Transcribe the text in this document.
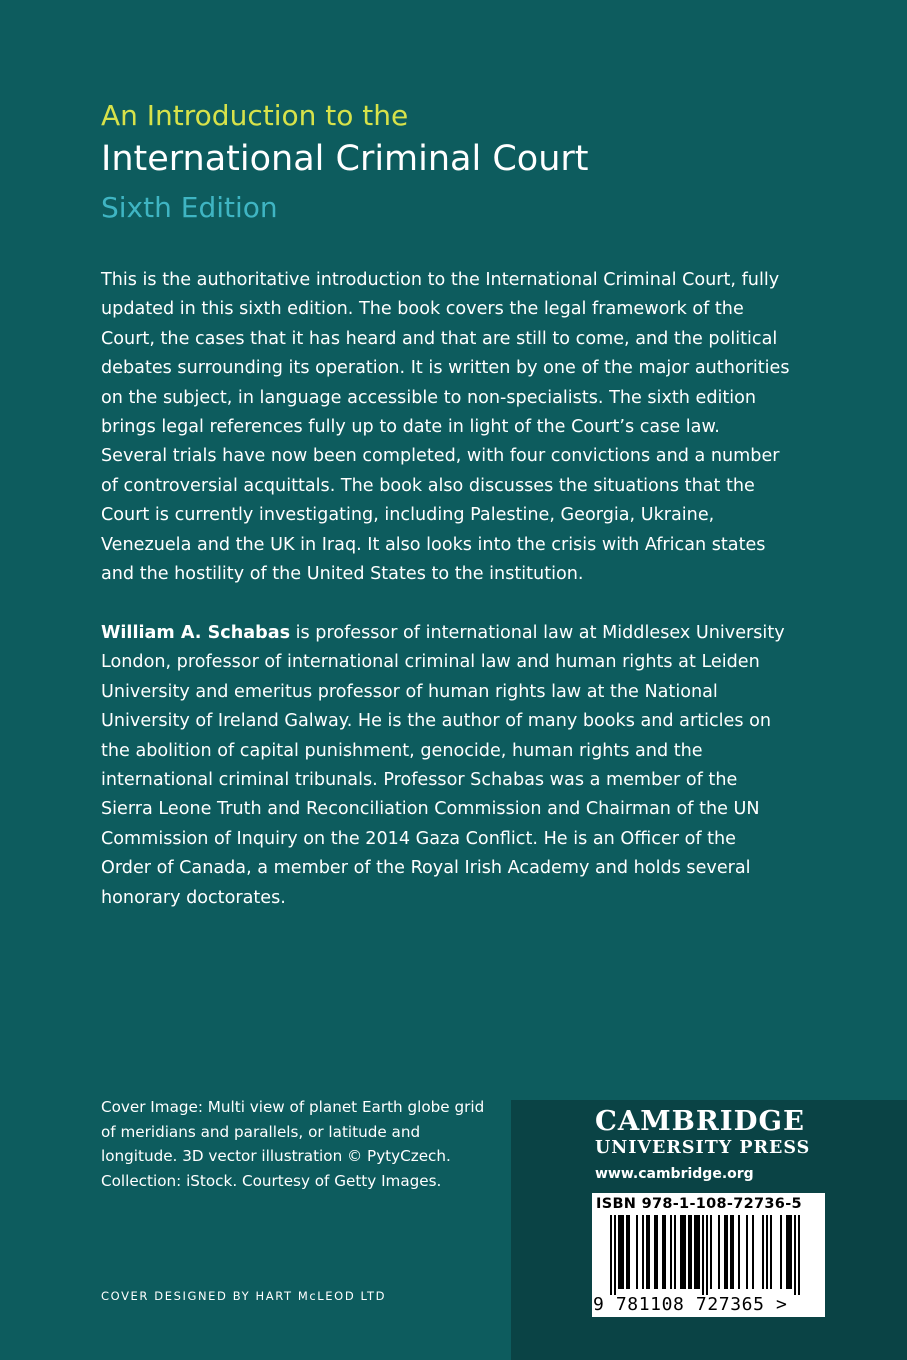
An Introduction to the
International Criminal Court
Sixth Edition

This is the authoritative introduction to the International Criminal Court, fully updated in this sixth edition. The book covers the legal framework of the Court, the cases that it has heard and that are still to come, and the political debates surrounding its operation. It is written by one of the major authorities on the subject, in language accessible to non-specialists. The sixth edition brings legal references fully up to date in light of the Court’s case law. Several trials have now been completed, with four convictions and a number of controversial acquittals. The book also discusses the situations that the Court is currently investigating, including Palestine, Georgia, Ukraine, Venezuela and the UK in Iraq. It also looks into the crisis with African states and the hostility of the United States to the institution.

William A. Schabas is professor of international law at Middlesex University London, professor of international criminal law and human rights at Leiden University and emeritus professor of human rights law at the National University of Ireland Galway. He is the author of many books and articles on the abolition of capital punishment, genocide, human rights and the international criminal tribunals. Professor Schabas was a member of the Sierra Leone Truth and Reconciliation Commission and Chairman of the UN Commission of Inquiry on the 2014 Gaza Conflict. He is an Officer of the Order of Canada, a member of the Royal Irish Academy and holds several honorary doctorates.

Cover Image: Multi view of planet Earth globe grid of meridians and parallels, or latitude and longitude. 3D vector illustration © PytyCzech. Collection: iStock. Courtesy of Getty Images.

COVER DESIGNED BY HART McLEOD LTD
CAMBRIDGE
UNIVERSITY PRESS
www.cambridge.org
ISBN 978-1-108-72736-5
9 781108 727365 >
